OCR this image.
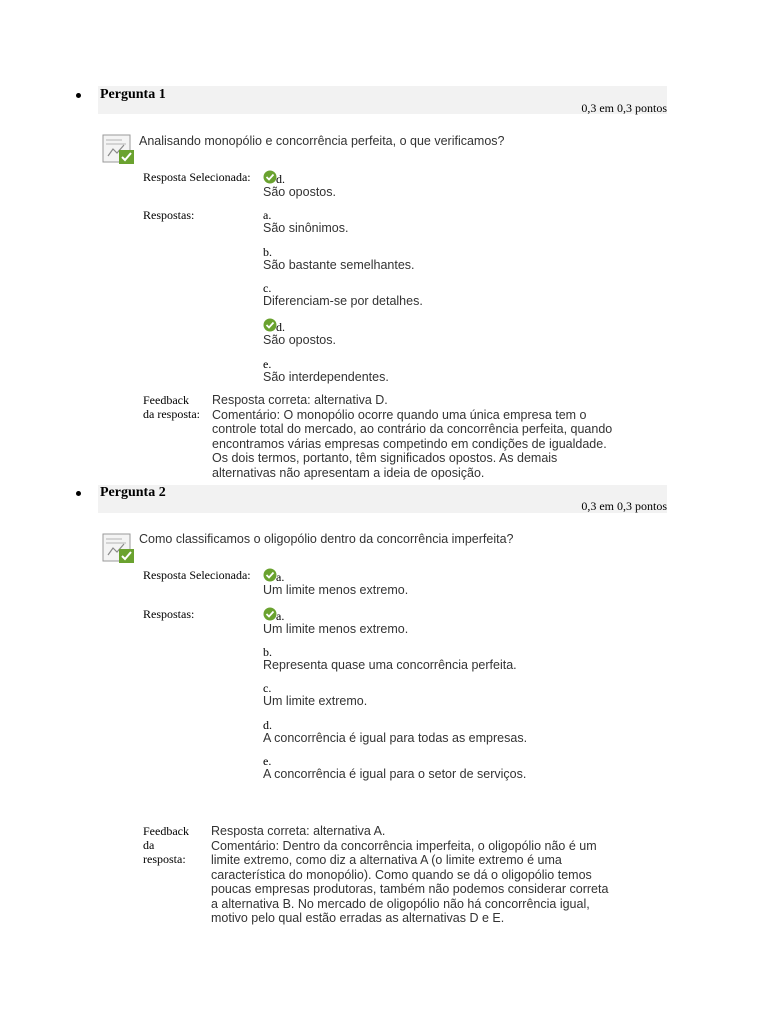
Pergunta 1
0,3 em 0,3 pontos
Analisando monopólio e concorrência perfeita, o que verificamos?
Resposta Selecionada: d.
São opostos.
Respostas:	a.
São sinônimos.
b.
São bastante semelhantes.
c.
Diferenciam-se por detalhes.
d.
São opostos.
e.
São interdependentes.
Feedback
da resposta:
Resposta correta: alternativa D.
Comentário: O monopólio ocorre quando uma única empresa tem o
controle total do mercado, ao contrário da concorrência perfeita, quando
encontramos várias empresas competindo em condições de igualdade.
Os dois termos, portanto, têm significados opostos. As demais
alternativas não apresentam a ideia de oposição.
Pergunta 2
0,3 em 0,3 pontos
Como classificamos o oligopólio dentro da concorrência imperfeita?
Resposta Selecionada: a.
Um limite menos extremo.
Respostas:	a.
Um limite menos extremo.
b.
Representa quase uma concorrência perfeita.
c.
Um limite extremo.
d.
A concorrência é igual para todas as empresas.
e.
A concorrência é igual para o setor de serviços.
Feedback
da
resposta:
Resposta correta: alternativa A.
Comentário: Dentro da concorrência imperfeita, o oligopólio não é um
limite extremo, como diz a alternativa A (o limite extremo é uma
característica do monopólio). Como quando se dá o oligopólio temos
poucas empresas produtoras, também não podemos considerar correta
a alternativa B. No mercado de oligopólio não há concorrência igual,
motivo pelo qual estão erradas as alternativas D e E.
